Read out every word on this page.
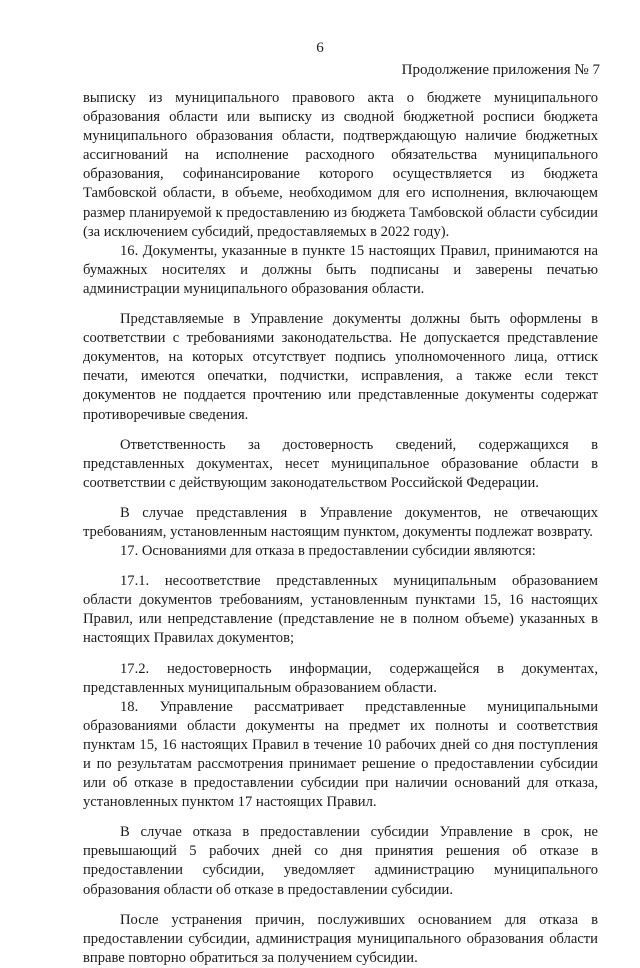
6
Продолжение приложения № 7

выписку из муниципального правового акта о бюджете муниципального образования области или выписку из сводной бюджетной росписи бюджета муниципального образования области, подтверждающую наличие бюджетных ассигнований на исполнение расходного обязательства муниципального образования, софинансирование которого осуществляется из бюджета Тамбовской области, в объеме, необходимом для его исполнения, включающем размер планируемой к предоставлению из бюджета Тамбовской области субсидии (за исключением субсидий, предоставляемых в 2022 году).

16. Документы, указанные в пункте 15 настоящих Правил, принимаются на бумажных носителях и должны быть подписаны и заверены печатью администрации муниципального образования области.

Представляемые в Управление документы должны быть оформлены в соответствии с требованиями законодательства. Не допускается представление документов, на которых отсутствует подпись уполномоченного лица, оттиск печати, имеются опечатки, подчистки, исправления, а также если текст документов не поддается прочтению или представленные документы содержат противоречивые сведения.

Ответственность за достоверность сведений, содержащихся в представленных документах, несет муниципальное образование области в соответствии с действующим законодательством Российской Федерации.

В случае представления в Управление документов, не отвечающих требованиям, установленным настоящим пунктом, документы подлежат возврату.

17. Основаниями для отказа в предоставлении субсидии являются:

17.1. несоответствие представленных муниципальным образованием области документов требованиям, установленным пунктами 15, 16 настоящих Правил, или непредставление (представление не в полном объеме) указанных в настоящих Правилах документов;

17.2. недостоверность информации, содержащейся в документах, представленных муниципальным образованием области.

18. Управление рассматривает представленные муниципальными образованиями области документы на предмет их полноты и соответствия пунктам 15, 16 настоящих Правил в течение 10 рабочих дней со дня поступления и по результатам рассмотрения принимает решение о предоставлении субсидии или об отказе в предоставлении субсидии при наличии оснований для отказа, установленных пунктом 17 настоящих Правил.

В случае отказа в предоставлении субсидии Управление в срок, не превышающий 5 рабочих дней со дня принятия решения об отказе в предоставлении субсидии, уведомляет администрацию муниципального образования области об отказе в предоставлении субсидии.

После устранения причин, послуживших основанием для отказа в предоставлении субсидии, администрация муниципального образования области вправе повторно обратиться за получением субсидии.
